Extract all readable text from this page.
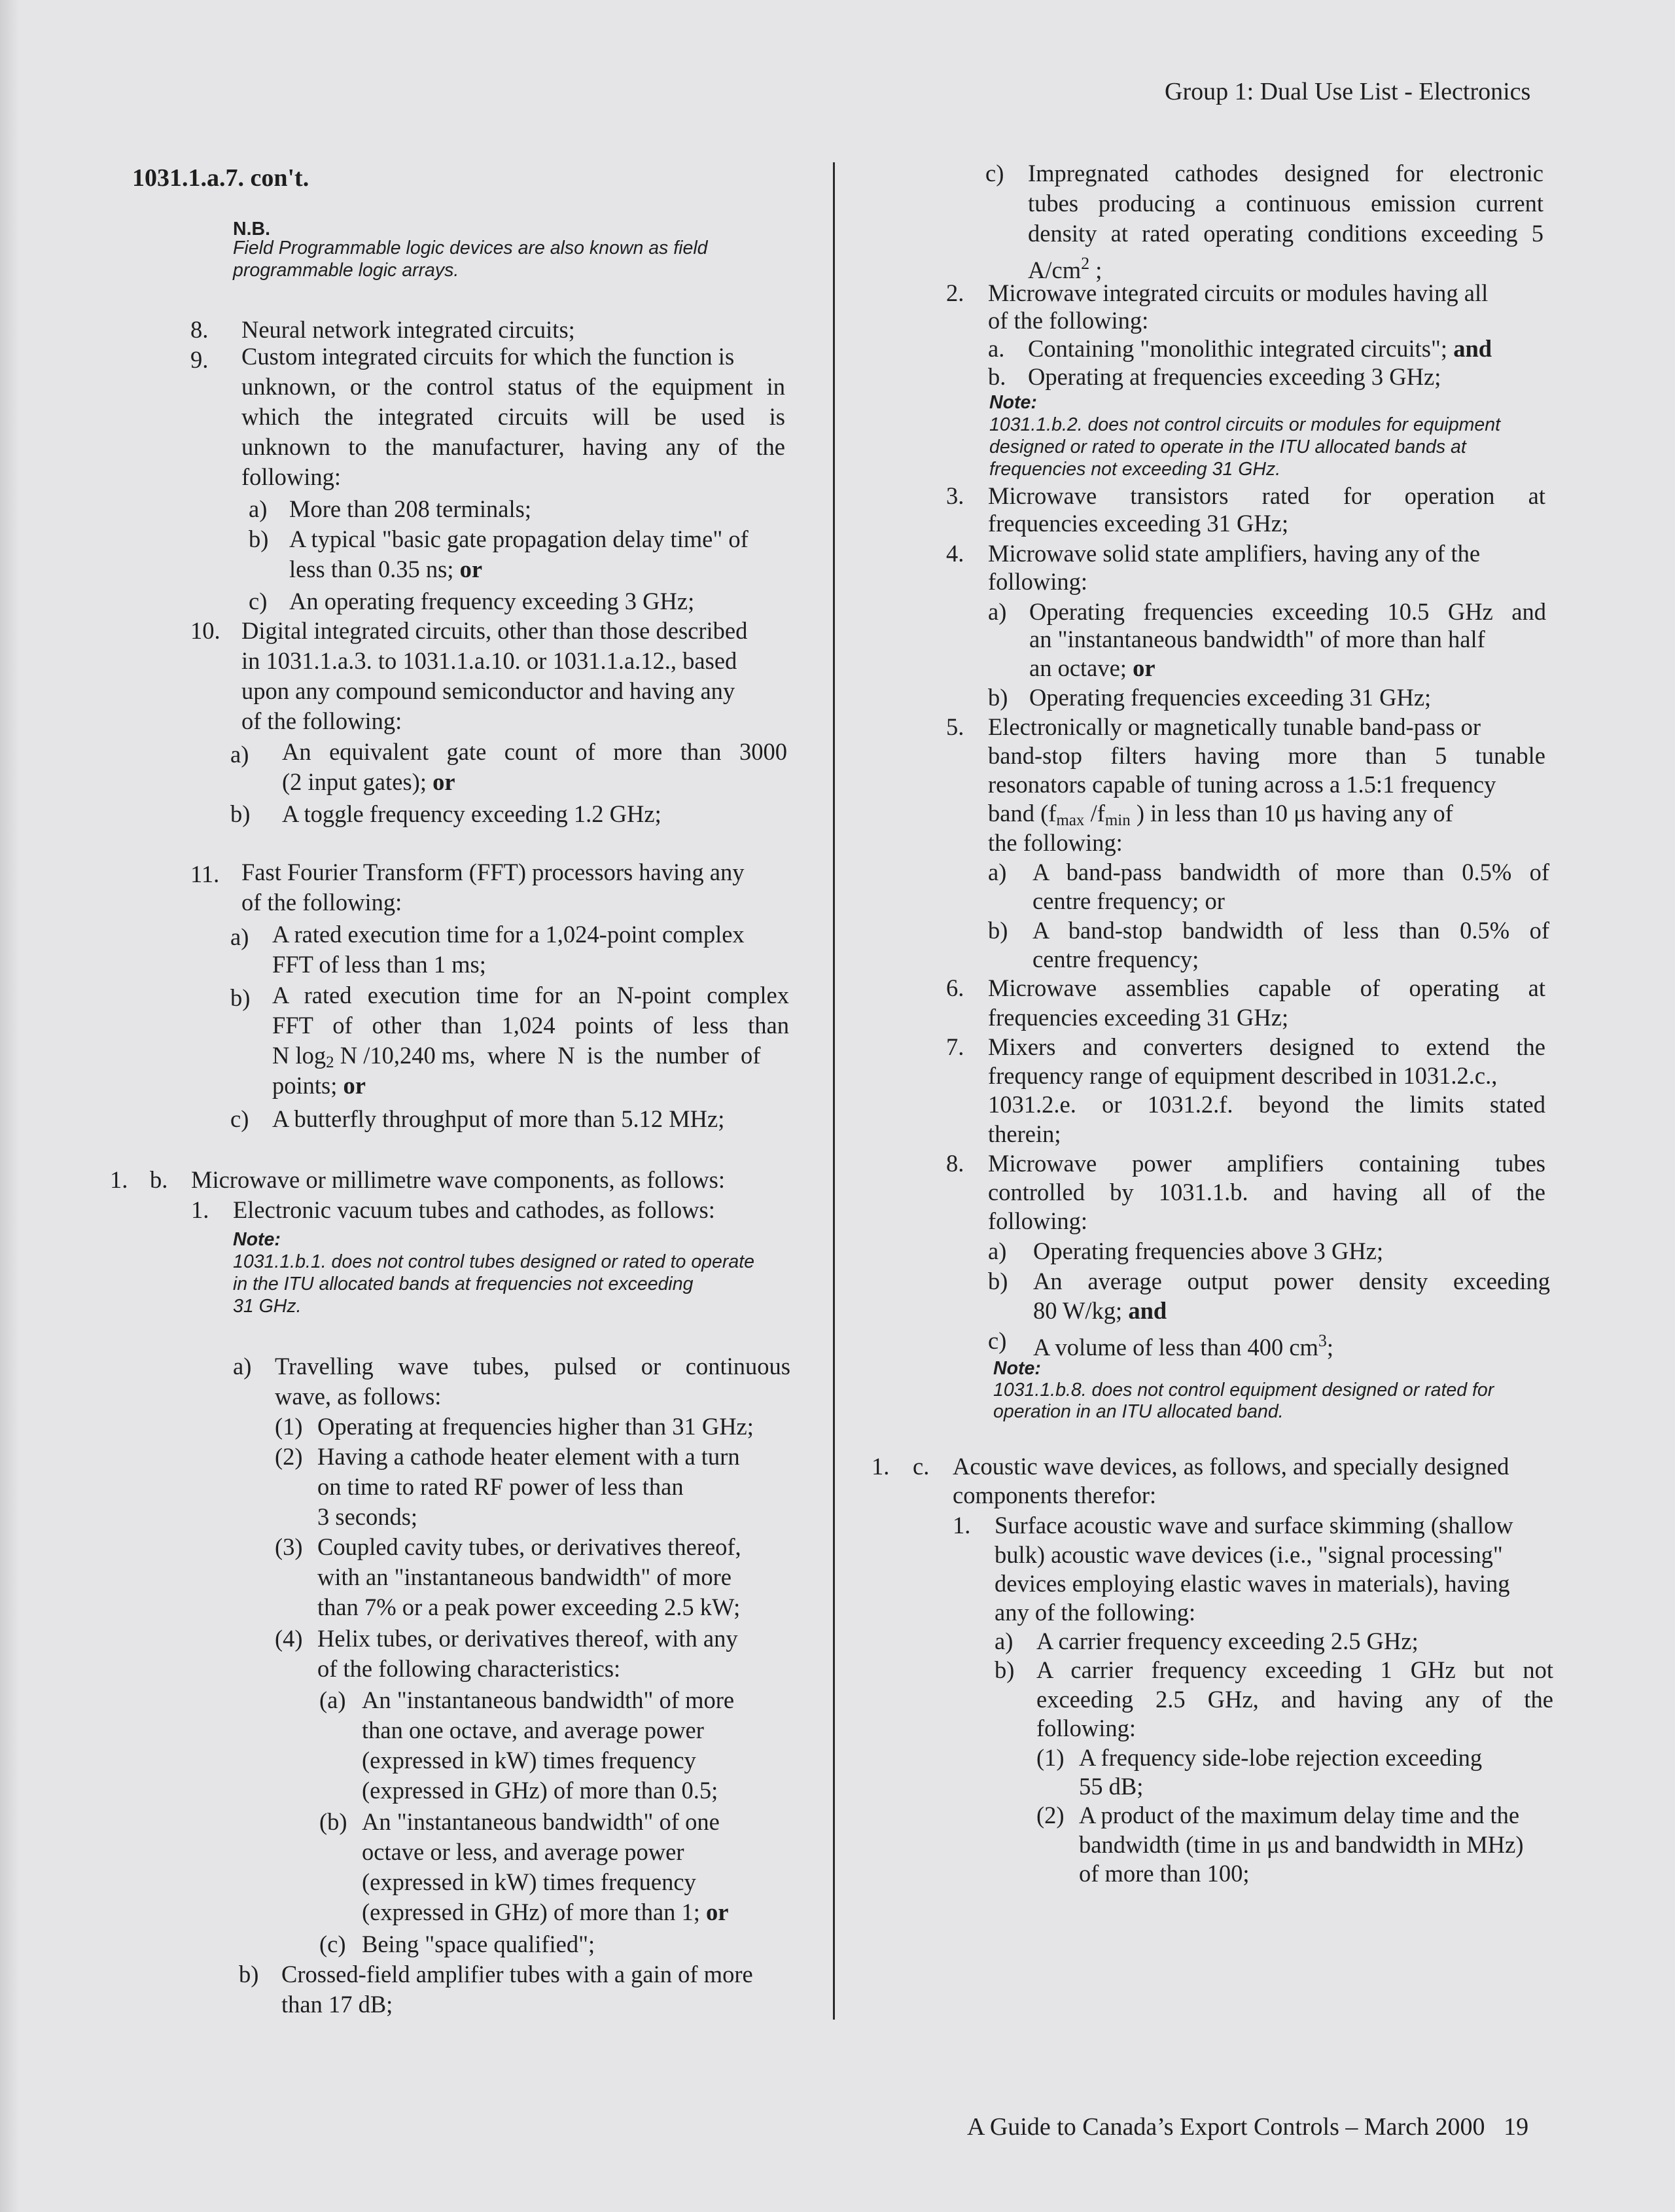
Group 1: Dual Use List - Electronics
1031.1.a.7. con't.
N.B.
Field Programmable logic devices are also known as field
programmable logic arrays.
8. Neural network integrated circuits;
9. Custom integrated circuits for which the function is
unknown, or the control status of the equipment in
which the integrated circuits will be used is
unknown to the manufacturer, having any of the
following:
a) More than 208 terminals;
b) A typical "basic gate propagation delay time" of
less than 0.35 ns; or
c) An operating frequency exceeding 3 GHz;
10. Digital integrated circuits, other than those described
in 1031.1.a.3. to 1031.1.a.10. or 1031.1.a.12., based
upon any compound semiconductor and having any
of the following:
a) An equivalent gate count of more than 3000
(2 input gates); or
b) A toggle frequency exceeding 1.2 GHz;
11. Fast Fourier Transform (FFT) processors having any
of the following:
a) A rated execution time for a 1,024-point complex
FFT of less than 1 ms;
b) A rated execution time for an N-point complex
FFT of other than 1,024 points of less than
N $\log_2 N$ /10,240 ms,  where  N  is  the  number  of
points; or
c) A butterfly throughput of more than 5.12 MHz;
1. b. Microwave or millimetre wave components, as follows:
1. Electronic vacuum tubes and cathodes, as follows:
Note:
1031.1.b.1. does not control tubes designed or rated to operate
in the ITU allocated bands at frequencies not exceeding
31 GHz.
a) Travelling wave tubes, pulsed or continuous
wave, as follows:
(1) Operating at frequencies higher than 31 GHz;
(2) Having a cathode heater element with a turn
on time to rated RF power of less than
3 seconds;
(3) Coupled cavity tubes, or derivatives thereof,
with an "instantaneous bandwidth" of more
than 7% or a peak power exceeding 2.5 kW;
(4) Helix tubes, or derivatives thereof, with any
of the following characteristics:
(a) An "instantaneous bandwidth" of more
than one octave, and average power
(expressed in kW) times frequency
(expressed in GHz) of more than 0.5;
(b) An "instantaneous bandwidth" of one
octave or less, and average power
(expressed in kW) times frequency
(expressed in GHz) of more than 1; or
(c) Being "space qualified";
b) Crossed-field amplifier tubes with a gain of more
than 17 dB;
c) Impregnated cathodes designed for electronic
tubes producing a continuous emission current
density at rated operating conditions exceeding 5
$A/cm^2$ ;
2. Microwave integrated circuits or modules having all
of the following:
a. Containing "monolithic integrated circuits"; and
b. Operating at frequencies exceeding 3 GHz;
Note:
1031.1.b.2. does not control circuits or modules for equipment
designed or rated to operate in the ITU allocated bands at
frequencies not exceeding 31 GHz.
3. Microwave transistors rated for operation at
frequencies exceeding 31 GHz;
4. Microwave solid state amplifiers, having any of the
following:
a) Operating frequencies exceeding 10.5 GHz and
an "instantaneous bandwidth" of more than half
an octave; or
b) Operating frequencies exceeding 31 GHz;
5. Electronically or magnetically tunable band-pass or
band-stop filters having more than 5 tunable
resonators capable of tuning across a 1.5:1 frequency
band ($f_{max}$ $/f_{min}$ ) in less than 10 μs having any of
the following:
a) A band-pass bandwidth of more than 0.5% of
centre frequency; or
b) A band-stop bandwidth of less than 0.5% of
centre frequency;
6. Microwave assemblies capable of operating at
frequencies exceeding 31 GHz;
7. Mixers and converters designed to extend the
frequency range of equipment described in 1031.2.c.,
1031.2.e. or 1031.2.f. beyond the limits stated
therein;
8. Microwave power amplifiers containing tubes
controlled by 1031.1.b. and having all of the
following:
a) Operating frequencies above 3 GHz;
b) An average output power density exceeding
80 W/kg; and
c) A volume of less than 400 $cm^3$;
Note:
1031.1.b.8. does not control equipment designed or rated for
operation in an ITU allocated band.
1. c. Acoustic wave devices, as follows, and specially designed
components therefor:
1. Surface acoustic wave and surface skimming (shallow
bulk) acoustic wave devices (i.e., "signal processing"
devices employing elastic waves in materials), having
any of the following:
a) A carrier frequency exceeding 2.5 GHz;
b) A carrier frequency exceeding 1 GHz but not
exceeding 2.5 GHz, and having any of the
following:
(1) A frequency side-lobe rejection exceeding
55 dB;
(2) A product of the maximum delay time and the
bandwidth (time in μs and bandwidth in MHz)
of more than 100;
A Guide to Canada’s Export Controls – March 2000 19
